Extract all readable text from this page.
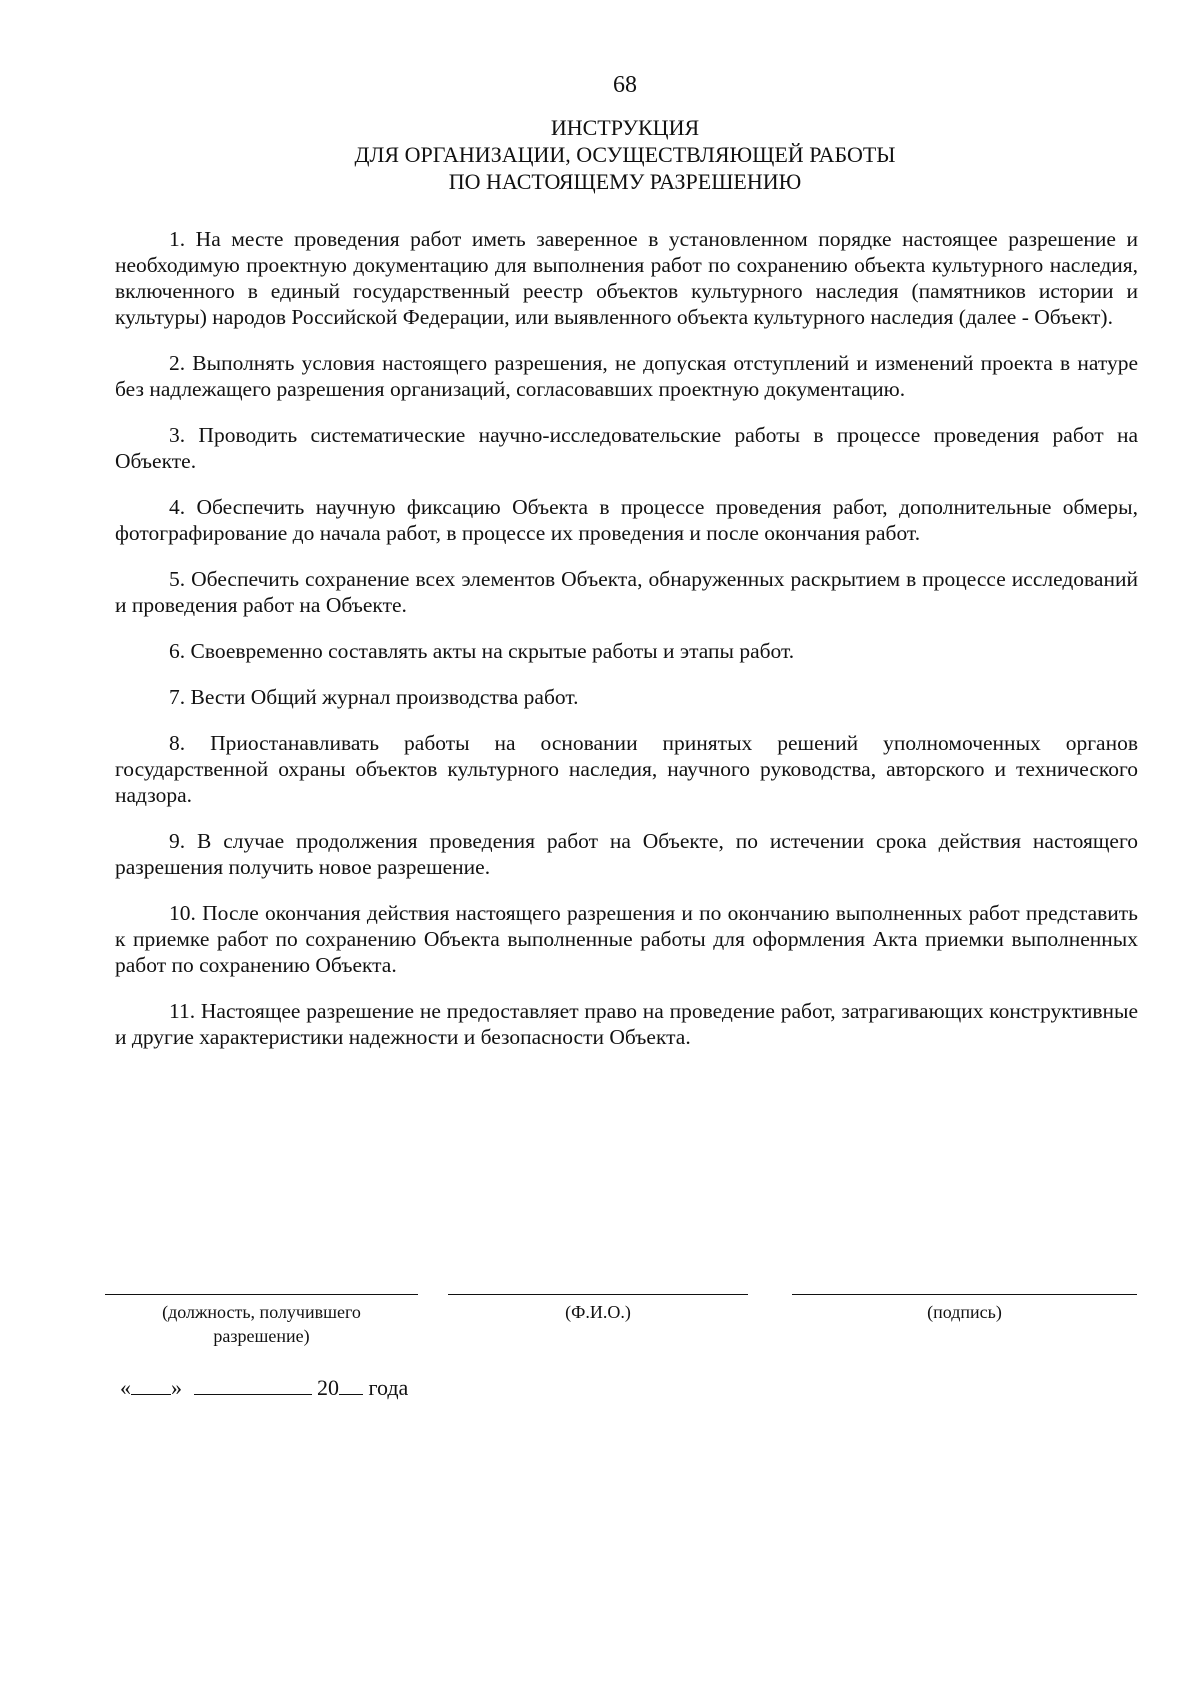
68
ИНСТРУКЦИЯ
ДЛЯ ОРГАНИЗАЦИИ, ОСУЩЕСТВЛЯЮЩЕЙ РАБОТЫ
ПО НАСТОЯЩЕМУ РАЗРЕШЕНИЮ

1. На месте проведения работ иметь заверенное в установленном порядке настоящее разрешение и необходимую проектную документацию для выполнения работ по сохранению объекта культурного наследия, включенного в единый государственный реестр объектов культурного наследия (памятников истории и культуры) народов Российской Федерации, или выявленного объекта культурного наследия (далее - Объект).

2. Выполнять условия настоящего разрешения, не допуская отступлений и изменений проекта в натуре без надлежащего разрешения организаций, согласовавших проектную документацию.

3. Проводить систематические научно-исследовательские работы в процессе проведения работ на Объекте.

4. Обеспечить научную фиксацию Объекта в процессе проведения работ, дополнительные обмеры, фотографирование до начала работ, в процессе их проведения и после окончания работ.

5. Обеспечить сохранение всех элементов Объекта, обнаруженных раскрытием в процессе исследований и проведения работ на Объекте.

6. Своевременно составлять акты на скрытые работы и этапы работ.

7. Вести Общий журнал производства работ.

8. Приостанавливать работы на основании принятых решений уполномоченных органов государственной охраны объектов культурного наследия, научного руководства, авторского и технического надзора.

9. В случае продолжения проведения работ на Объекте, по истечении срока действия настоящего разрешения получить новое разрешение.

10. После окончания действия настоящего разрешения и по окончанию выполненных работ представить к приемке работ по сохранению Объекта выполненные работы для оформления Акта приемки выполненных работ по сохранению Объекта.

11. Настоящее разрешение не предоставляет право на проведение работ, затрагивающих конструктивные и другие характеристики надежности и безопасности Объекта.

(должность, получившего
разрешение)
(Ф.И.О.)	(подпись)
« »	20 года
